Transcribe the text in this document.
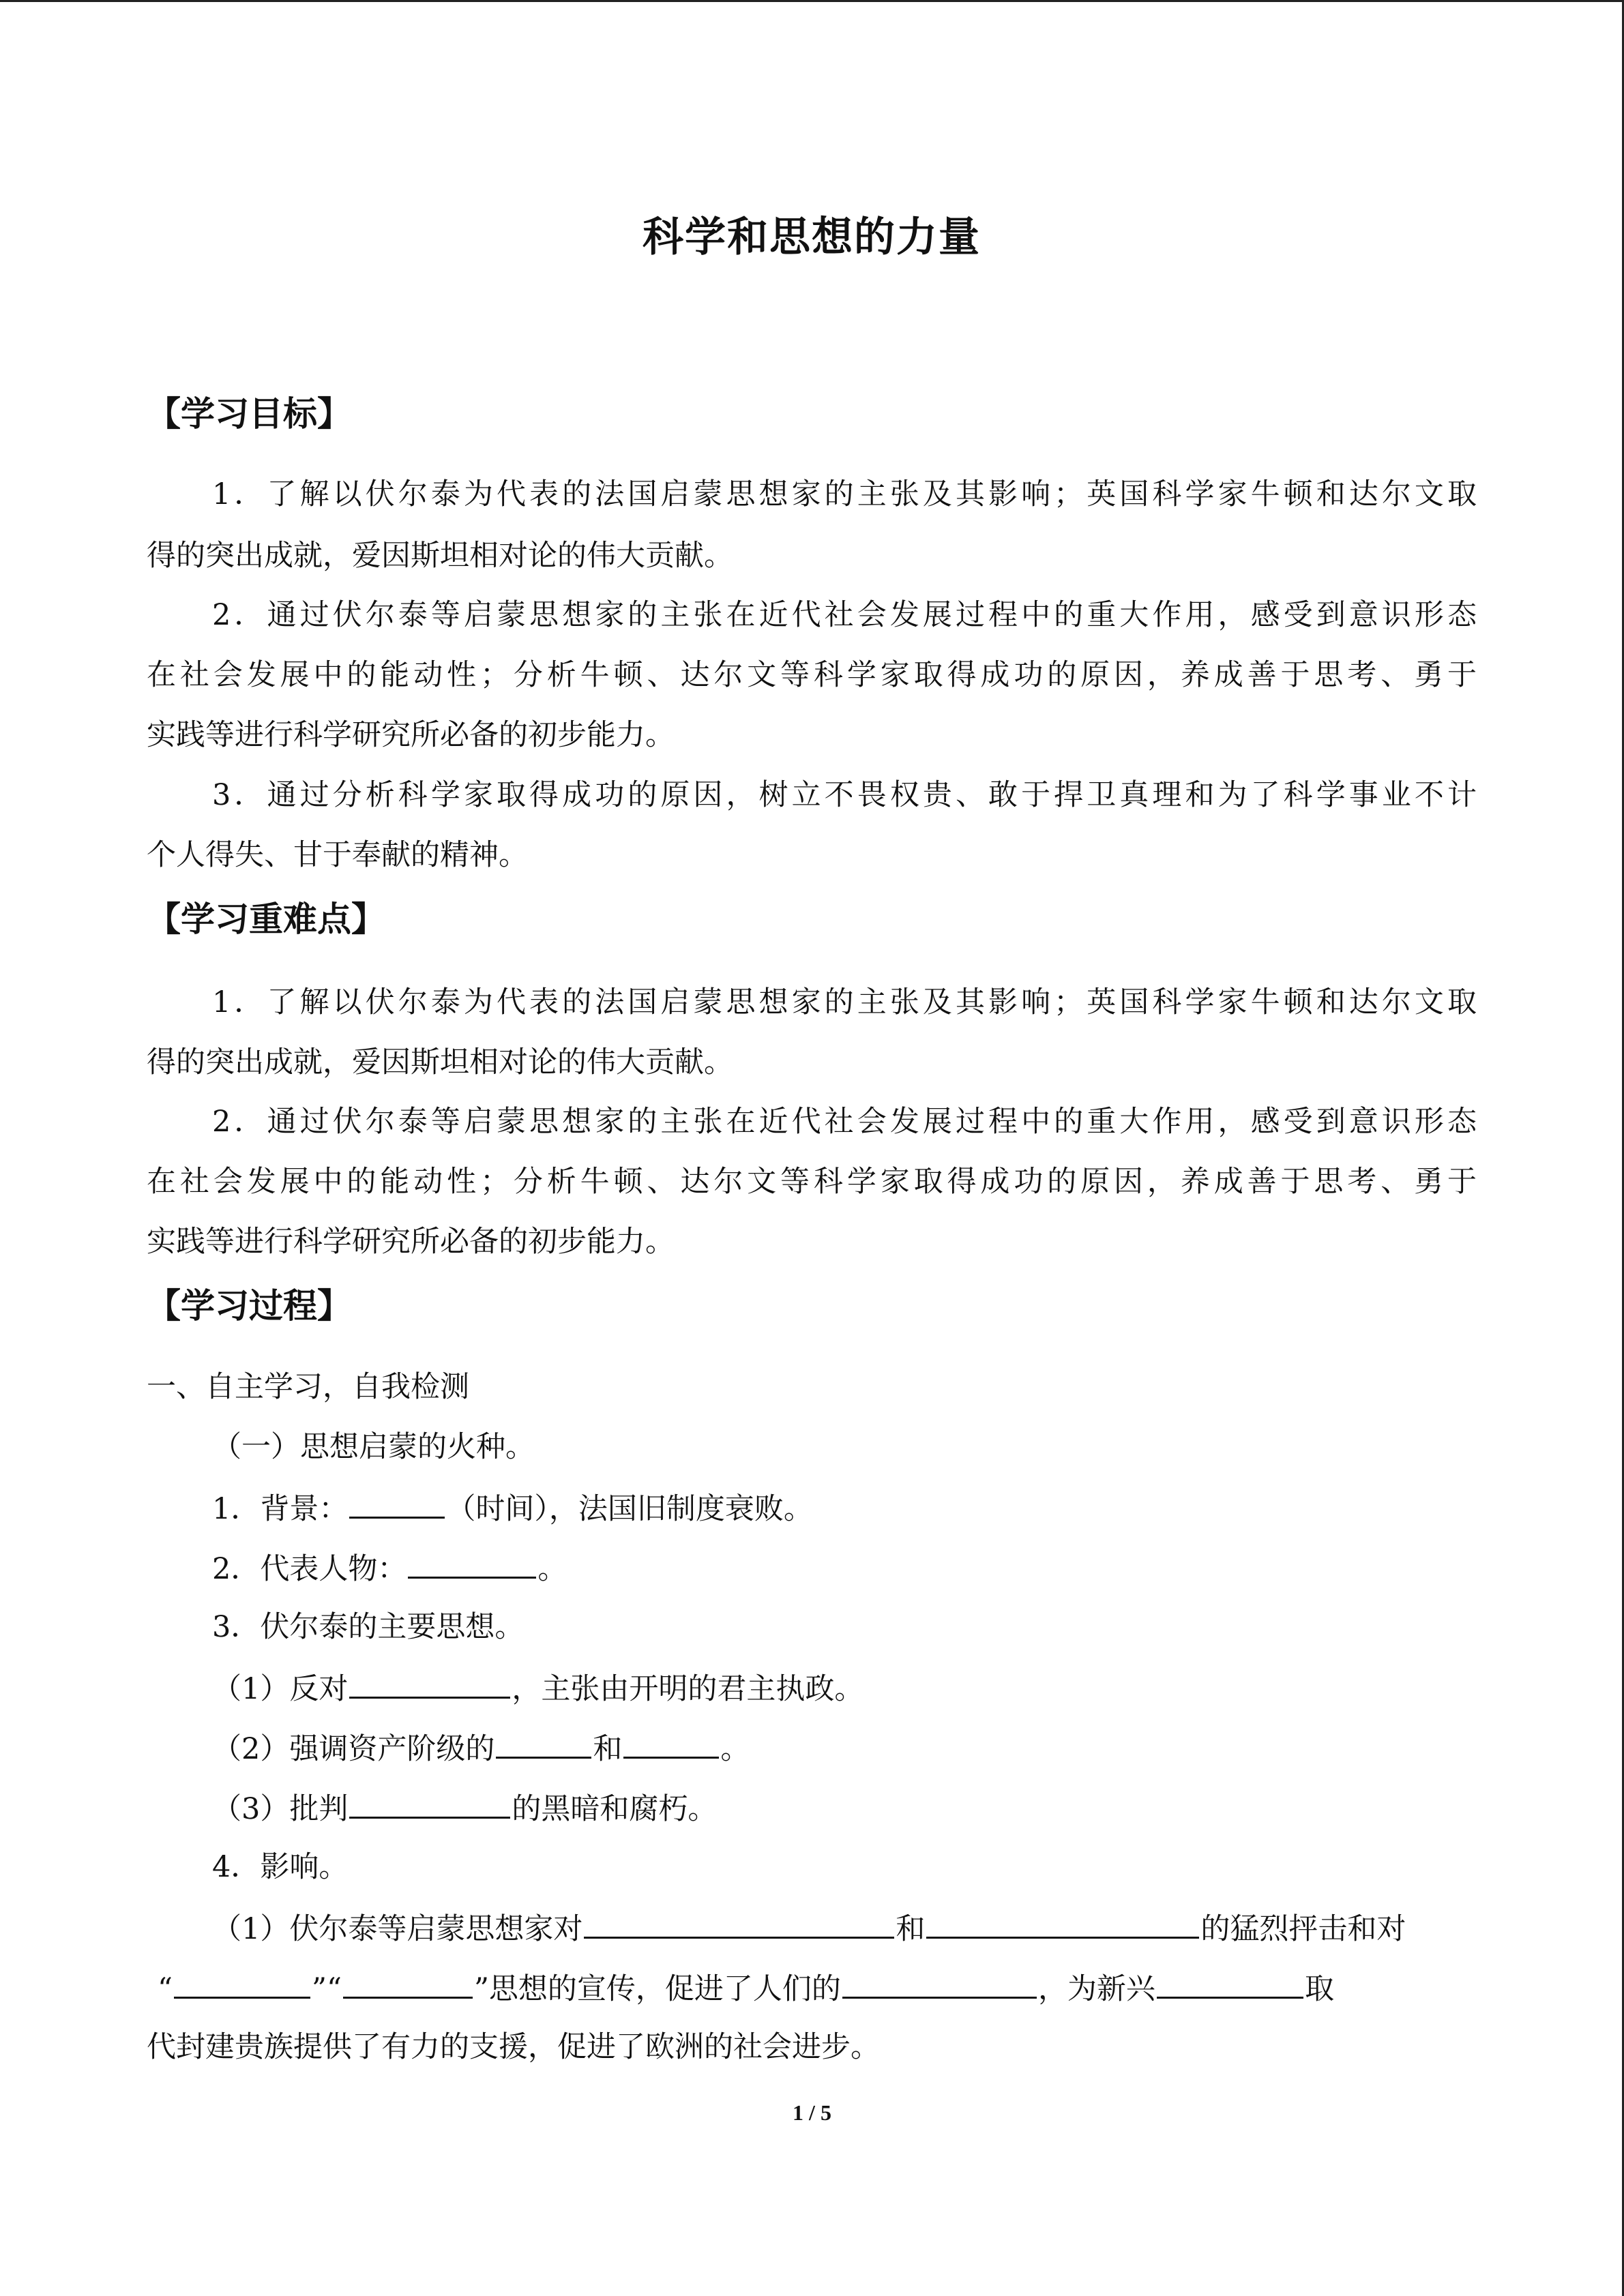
科学和思想的力量
【学习目标】
1．了解以伏尔泰为代表的法国启蒙思想家的主张及其影响；英国科学家牛顿和达尔文取
得的突出成就，爱因斯坦相对论的伟大贡献。
2．通过伏尔泰等启蒙思想家的主张在近代社会发展过程中的重大作用，感受到意识形态
在社会发展中的能动性；分析牛顿、达尔文等科学家取得成功的原因，养成善于思考、勇于
实践等进行科学研究所必备的初步能力。
3．通过分析科学家取得成功的原因，树立不畏权贵、敢于捍卫真理和为了科学事业不计
个人得失、甘于奉献的精神。
【学习重难点】
1．了解以伏尔泰为代表的法国启蒙思想家的主张及其影响；英国科学家牛顿和达尔文取
得的突出成就，爱因斯坦相对论的伟大贡献。
2．通过伏尔泰等启蒙思想家的主张在近代社会发展过程中的重大作用，感受到意识形态
在社会发展中的能动性；分析牛顿、达尔文等科学家取得成功的原因，养成善于思考、勇于
实践等进行科学研究所必备的初步能力。
【学习过程】
一、自主学习，自我检测
（一）思想启蒙的火种。
1．背景：	（时间），法国旧制度衰败。
2．代表人物：	。
3．伏尔泰的主要思想。
（1）反对	，主张由开明的君主执政。
（2）强调资产阶级的	和	。
（3）批判	的黑暗和腐朽。
4．影响。
（1）伏尔泰等启蒙思想家对	和	的猛烈抨击和对
“	”“	”思想的宣传，促进了人们的	，为新兴	取
代封建贵族提供了有力的支援，促进了欧洲的社会进步。
1 / 5
